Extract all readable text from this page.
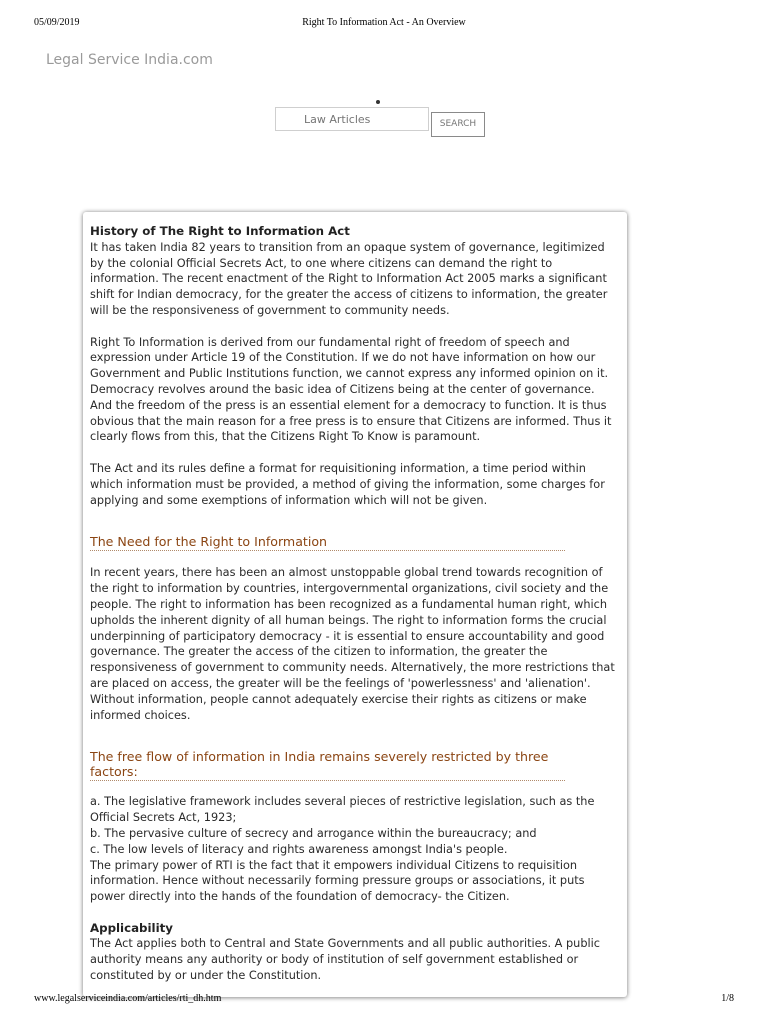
05/09/2019	Right To Information Act - An Overview
Legal Service India.com
Law Articles
SEARCH

History of The Right to Information Act

It has taken India 82 years to transition from an opaque system of governance, legitimized by the colonial Official Secrets Act, to one where citizens can demand the right to information. The recent enactment of the Right to Information Act 2005 marks a significant shift for Indian democracy, for the greater the access of citizens to information, the greater will be the responsiveness of government to community needs.

Right To Information is derived from our fundamental right of freedom of speech and expression under Article 19 of the Constitution. If we do not have information on how our Government and Public Institutions function, we cannot express any informed opinion on it. Democracy revolves around the basic idea of Citizens being at the center of governance. And the freedom of the press is an essential element for a democracy to function. It is thus obvious that the main reason for a free press is to ensure that Citizens are informed. Thus it clearly flows from this, that the Citizens Right To Know is paramount.

The Act and its rules define a format for requisitioning information, a time period within which information must be provided, a method of giving the information, some charges for applying and some exemptions of information which will not be given.

The Need for the Right to Information

In recent years, there has been an almost unstoppable global trend towards recognition of the right to information by countries, intergovernmental organizations, civil society and the people. The right to information has been recognized as a fundamental human right, which upholds the inherent dignity of all human beings. The right to information forms the crucial underpinning of participatory democracy - it is essential to ensure accountability and good governance. The greater the access of the citizen to information, the greater the responsiveness of government to community needs. Alternatively, the more restrictions that are placed on access, the greater will be the feelings of 'powerlessness' and 'alienation'. Without information, people cannot adequately exercise their rights as citizens or make informed choices.

The free flow of information in India remains severely restricted by three factors:

a. The legislative framework includes several pieces of restrictive legislation, such as the Official Secrets Act, 1923;

b. The pervasive culture of secrecy and arrogance within the bureaucracy; and

c. The low levels of literacy and rights awareness amongst India's people.

The primary power of RTI is the fact that it empowers individual Citizens to requisition information. Hence without necessarily forming pressure groups or associations, it puts power directly into the hands of the foundation of democracy- the Citizen.

Applicability

The Act applies both to Central and State Governments and all public authorities. A public authority means any authority or body of institution of self government established or constituted by or under the Constitution.

www.legalserviceindia.com/articles/rti_dh.htm	1/8
